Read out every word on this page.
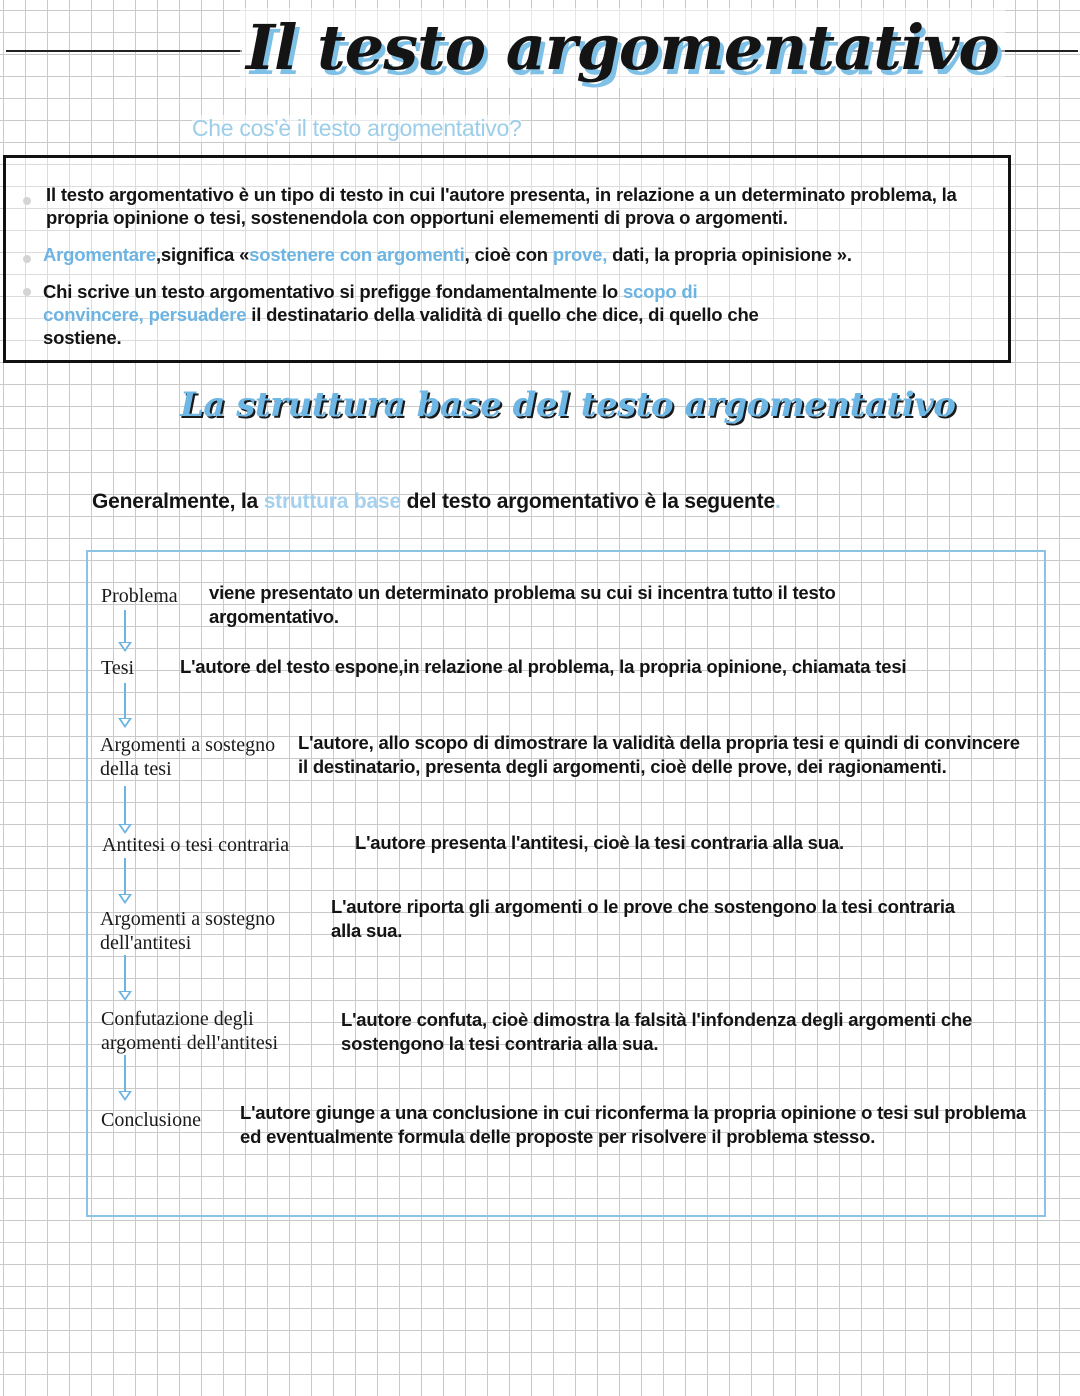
Il testo argomentativo
Che cos'è il testo argomentativo?
Il testo argomentativo è un tipo di testo in cui l'autore presenta, in relazione a un determinato problema, la propria opinione o tesi, sostenendola con opportuni elemementi di prova o argomenti.
Argomentare,significa «sostenere con argomenti, cioè con prove, dati, la propria opinisione ».
Chi scrive un testo argomentativo si prefigge fondamentalmente lo scopo di convincere, persuadere il destinatario della validità di quello che dice, di quello che sostiene.
La struttura base del testo argomentativo
Generalmente, la struttura base del testo argomentativo è la seguente.
Problema viene presentato un determinato problema su cui si incentra tutto il testo argomentativo.
Tesi L'autore del testo espone,in relazione al problema, la propria opinione, chiamata tesi
Argomenti a sostegno della tesi
L'autore, allo scopo di dimostrare la validità della propria tesi e quindi di convincere il destinatario, presenta degli argomenti, cioè delle prove, dei ragionamenti.
Antitesi o tesi contraria	L'autore presenta l'antitesi, cioè la tesi contraria alla sua.
Argomenti a sostegno dell'antitesi
L'autore riporta gli argomenti o le prove che sostengono la tesi contraria alla sua.
Confutazione degli argomenti dell'antitesi
L'autore confuta, cioè dimostra la falsità l'infondenza degli argomenti che sostengono la tesi contraria alla sua.
Conclusione L'autore giunge a una conclusione in cui riconferma la propria opinione o tesi sul problema ed eventualmente formula delle proposte per risolvere il problema stesso.
